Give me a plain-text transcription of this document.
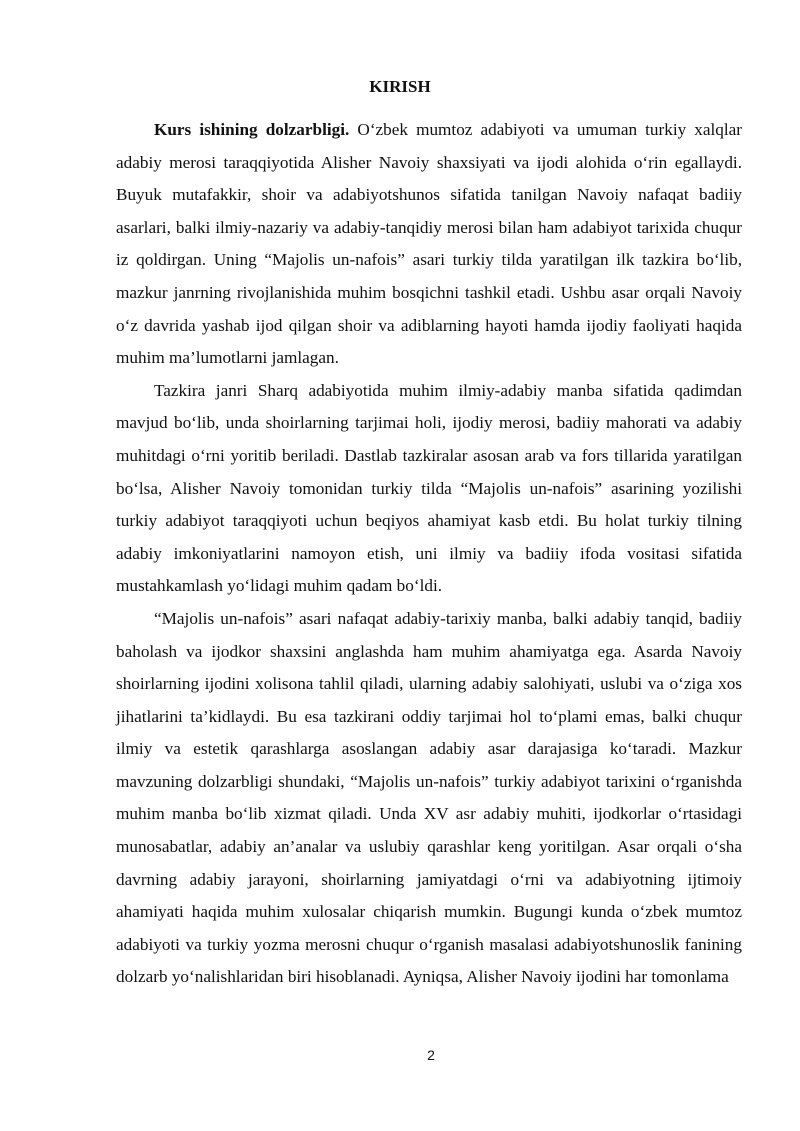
KIRISH

Kurs ishining dolzarbligi. O‘zbek mumtoz adabiyoti va umuman turkiy xalqlar adabiy merosi taraqqiyotida Alisher Navoiy shaxsiyati va ijodi alohida o‘rin egallaydi. Buyuk mutafakkir, shoir va adabiyotshunos sifatida tanilgan Navoiy nafaqat badiiy asarlari, balki ilmiy-nazariy va adabiy-tanqidiy merosi bilan ham adabiyot tarixida chuqur iz qoldirgan. Uning “Majolis un-nafois” asari turkiy tilda yaratilgan ilk tazkira bo‘lib, mazkur janrning rivojlanishida muhim bosqichni tashkil etadi. Ushbu asar orqali Navoiy o‘z davrida yashab ijod qilgan shoir va adiblarning hayoti hamda ijodiy faoliyati haqida muhim ma’lumotlarni jamlagan.

Tazkira janri Sharq adabiyotida muhim ilmiy-adabiy manba sifatida qadimdan mavjud bo‘lib, unda shoirlarning tarjimai holi, ijodiy merosi, badiiy mahorati va adabiy muhitdagi o‘rni yoritib beriladi. Dastlab tazkiralar asosan arab va fors tillarida yaratilgan bo‘lsa, Alisher Navoiy tomonidan turkiy tilda “Majolis un-nafois” asarining yozilishi turkiy adabiyot taraqqiyoti uchun beqiyos ahamiyat kasb etdi. Bu holat turkiy tilning adabiy imkoniyatlarini namoyon etish, uni ilmiy va badiiy ifoda vositasi sifatida mustahkamlash yo‘lidagi muhim qadam bo‘ldi.

“Majolis un-nafois” asari nafaqat adabiy-tarixiy manba, balki adabiy tanqid, badiiy baholash va ijodkor shaxsini anglashda ham muhim ahamiyatga ega. Asarda Navoiy shoirlarning ijodini xolisona tahlil qiladi, ularning adabiy salohiyati, uslubi va o‘ziga xos jihatlarini ta’kidlaydi. Bu esa tazkirani oddiy tarjimai hol to‘plami emas, balki chuqur ilmiy va estetik qarashlarga asoslangan adabiy asar darajasiga ko‘taradi. Mazkur mavzuning dolzarbligi shundaki, “Majolis un-nafois” turkiy adabiyot tarixini o‘rganishda muhim manba bo‘lib xizmat qiladi. Unda XV asr adabiy muhiti, ijodkorlar o‘rtasidagi munosabatlar, adabiy an’analar va uslubiy qarashlar keng yoritilgan. Asar orqali o‘sha davrning adabiy jarayoni, shoirlarning jamiyatdagi o‘rni va adabiyotning ijtimoiy ahamiyati haqida muhim xulosalar chiqarish mumkin. Bugungi kunda o‘zbek mumtoz adabiyoti va turkiy yozma merosni chuqur o‘rganish masalasi adabiyotshunoslik fanining dolzarb yo‘nalishlaridan biri hisoblanadi. Ayniqsa, Alisher Navoiy ijodini har tomonlama

2
